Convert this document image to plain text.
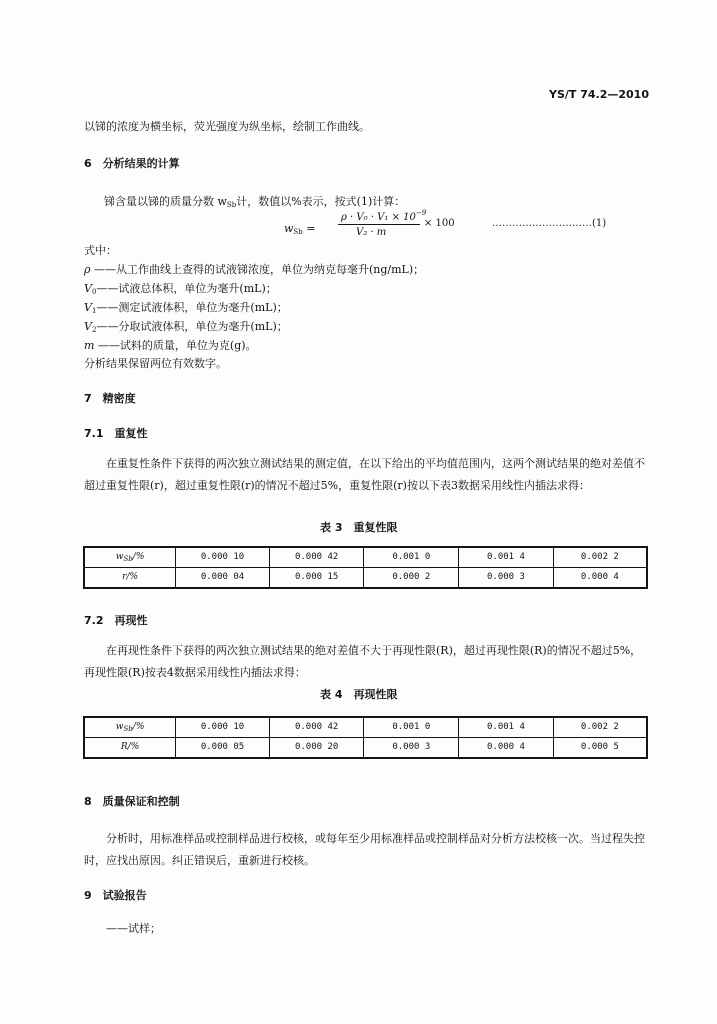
YS/T 74.2—2010
以锑的浓度为横坐标，荧光强度为纵坐标，绘制工作曲线。
6　分析结果的计算
锑含量以锑的质量分数 $w_{Sb}$计，数值以%表示，按式(1)计算：
$w_{Sb}$ =
$\rho \cdot V_0 \cdot V_1 \times 10^{-9}$
V₂ · m
× 100	…………………………(1)
式中：
ρ ——从工作曲线上查得的试液锑浓度，单位为纳克每毫升(ng/mL)；
$V_0——$试液总体积，单位为毫升(mL)；
$V_1——$测定试液体积，单位为毫升(mL)；
$V_2——$分取试液体积，单位为毫升(mL)；
m ——试料的质量，单位为克(g)。
分析结果保留两位有效数字。
7　精密度
7.1　重复性
在重复性条件下获得的两次独立测试结果的测定值，在以下给出的平均值范围内，这两个测试结果的绝对差值不超过重复性限(r)，超过重复性限(r)的情况不超过5%，重复性限(r)按以下表3数据采用线性内插法求得：
表 3　重复性限
$w_{Sb}/\%$	0.000 10	0.000 42	0.001 0	0.001 4	0.002 2
r/%	0.000 04	0.000 15	0.000 2	0.000 3	0.000 4
7.2　再现性
在再现性条件下获得的两次独立测试结果的绝对差值不大于再现性限(R)，超过再现性限(R)的情况不超过5%，再现性限(R)按表4数据采用线性内插法求得：
表 4　再现性限
$w_{Sb}/\%$	0.000 10	0.000 42	0.001 0	0.001 4	0.002 2
R/%	0.000 05	0.000 20	0.000 3	0.000 4	0.000 5
8　质量保证和控制
分析时，用标准样品或控制样品进行校核，或每年至少用标准样品或控制样品对分析方法校核一次。当过程失控时，应找出原因。纠正错误后，重新进行校核。
9　试验报告
——试样；
